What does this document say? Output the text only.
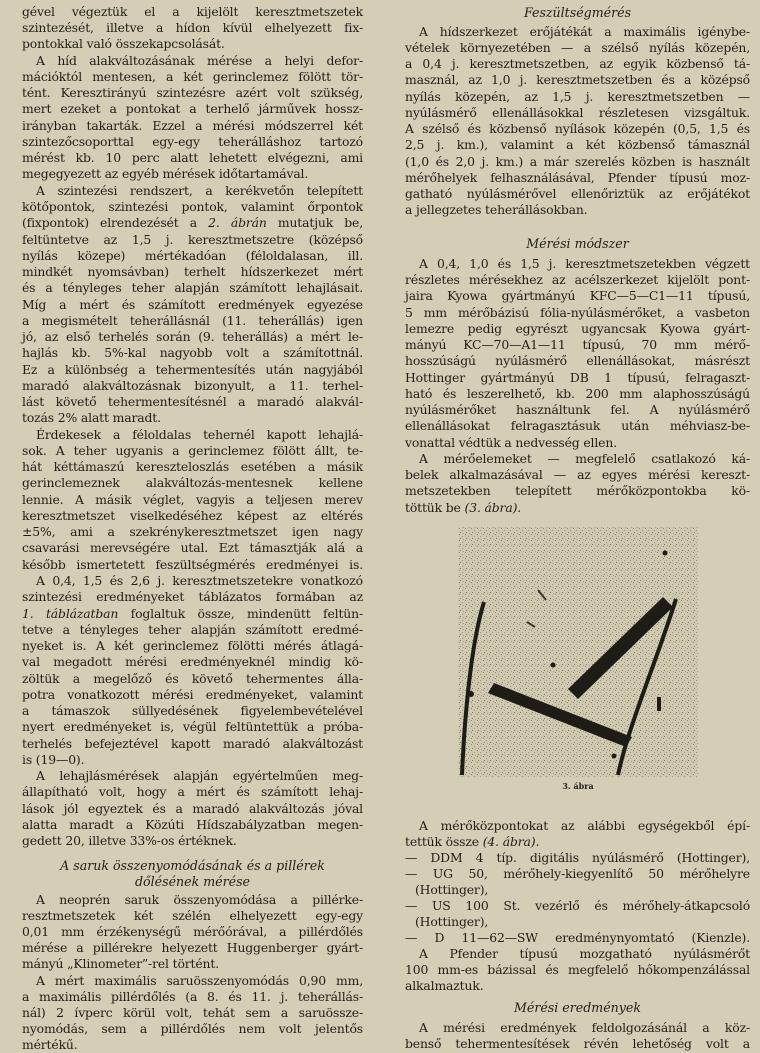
gével végeztük el a kijelölt keresztmetszetek
szintezését, illetve a hídon kívül elhelyezett fix-
pontokkal való összekapcsolását.
A híd alakváltozásának mérése a helyi defor-
mációktól mentesen, a két gerinclemez fölött tör-
tént. Keresztirányú szintezésre azért volt szükség,
mert ezeket a pontokat a terhelő járművek hossz-
irányban takarták. Ezzel a mérési módszerrel két
szintezőcsoporttal egy-egy teherálláshoz tartozó
mérést kb. 10 perc alatt lehetett elvégezni, ami
megegyezett az egyéb mérések időtartamával.
A szintezési rendszert, a kerékvetőn telepített
kötőpontok, szintezési pontok, valamint őrpontok
(fixpontok) elrendezését a 2. ábrán mutatjuk be,
feltüntetve az 1,5 j. keresztmetszetre (középső
nyílás közepe) mértékadóan (féloldalasan, ill.
mindkét nyomsávban) terhelt hídszerkezet mért
és a tényleges teher alapján számított lehajlásait.
Míg a mért és számított eredmények egyezése
a megismételt teherállásnál (11. teherállás) igen
jó, az első terhelés során (9. teherállás) a mért le-
hajlás kb. 5%-kal nagyobb volt a számítottnál.
Ez a különbség a tehermentesítés után nagyjából
maradó alakváltozásnak bizonyult, a 11. terhel-
lást követő tehermentesítésnél a maradó alakvál-
tozás 2% alatt maradt.
Érdekesek a féloldalas tehernél kapott lehajlá-
sok. A teher ugyanis a gerinclemez fölött állt, te-
hát kéttámaszú kereszteloszlás esetében a másik
gerinclemeznek alakváltozás-mentesnek kellene
lennie. A másik véglet, vagyis a teljesen merev
keresztmetszet viselkedéséhez képest az eltérés
±5%, ami a szekrénykeresztmetszet igen nagy
csavarási merevségére utal. Ezt támasztják alá a
később ismertetett feszültségmérés eredményei is.
A 0,4, 1,5 és 2,6 j. keresztmetszetekre vonatkozó
szintezési eredményeket táblázatos formában az
1. táblázatban foglaltuk össze, mindenütt feltün-
tetve a tényleges teher alapján számított eredmé-
nyeket is. A két gerinclemez fölötti mérés átlagá-
val megadott mérési eredményeknél mindig kö-
zöltük a megelőző és követő tehermentes álla-
potra vonatkozott mérési eredményeket, valamint
a támaszok süllyedésének figyelembevételével
nyert eredményeket is, végül feltüntettük a próba-
terhelés befejeztével kapott maradó alakváltozást
is (19—0).
A lehajlásmérések alapján egyértelműen meg-
állapítható volt, hogy a mért és számított lehaj-
lások jól egyeztek és a maradó alakváltozás jóval
alatta maradt a Közúti Hídszabályzatban megen-
gedett 20, illetve 33%-os értéknek.
A saruk összenyomódásának és a pillérek
dőlésének mérése
A neoprén saruk összenyomódása a pillérke-
resztmetszetek két szélén elhelyezett egy-egy
0,01 mm érzékenységű mérőórával, a pillérdőlés
mérése a pillérekre helyezett Huggenberger gyárt-
mányú „Klinometer”-rel történt.
A mért maximális saruösszenyomódás 0,90 mm,
a maximális pillérdőlés (a 8. és 11. j. teherállás-
nál) 2 ívperc körül volt, tehát sem a saruössze-
nyomódás, sem a pillérdőlés nem volt jelentős
mértékű.
Feszültségmérés
A hídszerkezet erőjátékát a maximális igénybe-
vételek környezetében — a szélső nyílás közepén,
a 0,4 j. keresztmetszetben, az egyik közbenső tá-
masznál, az 1,0 j. keresztmetszetben és a középső
nyílás közepén, az 1,5 j. keresztmetszetben —
nyúlásmérő ellenállásokkal részletesen vizsgáltuk.
A szélső és közbenső nyílások közepén (0,5, 1,5 és
2,5 j. km.), valamint a két közbenső támasznál
(1,0 és 2,0 j. km.) a már szerelés közben is használt
mérőhelyek felhasználásával, Pfender típusú moz-
gatható nyúlásmérővel ellenőriztük az erőjátékot
a jellegzetes teherállásokban.
Mérési módszer
A 0,4, 1,0 és 1,5 j. keresztmetszetekben végzett
részletes mérésekhez az acélszerkezet kijelölt pont-
jaira Kyowa gyártmányú KFC—5—C1—11 típusú,
5 mm mérőbázisú fólia-nyúlásmérőket, a vasbeton
lemezre pedig egyrészt ugyancsak Kyowa gyárt-
mányú KC—70—A1—11 típusú, 70 mm mérő-
hosszúságú nyúlásmérő ellenállásokat, másrészt
Hottinger gyártmányú DB 1 típusú, felragaszt-
ható és leszerelhető, kb. 200 mm alaphosszúságú
nyúlásmérőket használtunk fel. A nyúlásmérő
ellenállásokat felragasztásuk után méhviasz-be-
vonattal védtük a nedvesség ellen.
A mérőelemeket — megfelelő csatlakozó ká-
belek alkalmazásával — az egyes mérési kereszt-
metszetekben telepített mérőközpontokba kö-
töttük be (3. ábra).
3. ábra
A mérőközpontokat az alábbi egységekből épí-
tettük össze (4. ábra).
— DDM 4 típ. digitális nyúlásmérő (Hottinger),
— UG 50, mérőhely-kiegyenlítő 50 mérőhelyre
(Hottinger),
— US 100 St. vezérlő és mérőhely-átkapcsoló
(Hottinger),
— D 11—62—SW eredménynyomtató (Kienzle).
A Pfender típusú mozgatható nyúlásmérőt
100 mm-es bázissal és megfelelő hőkompenzálással
alkalmaztuk.
Mérési eredmények
A mérési eredmények feldolgozásánál a köz-
benső tehermentesítések révén lehetőség volt a
